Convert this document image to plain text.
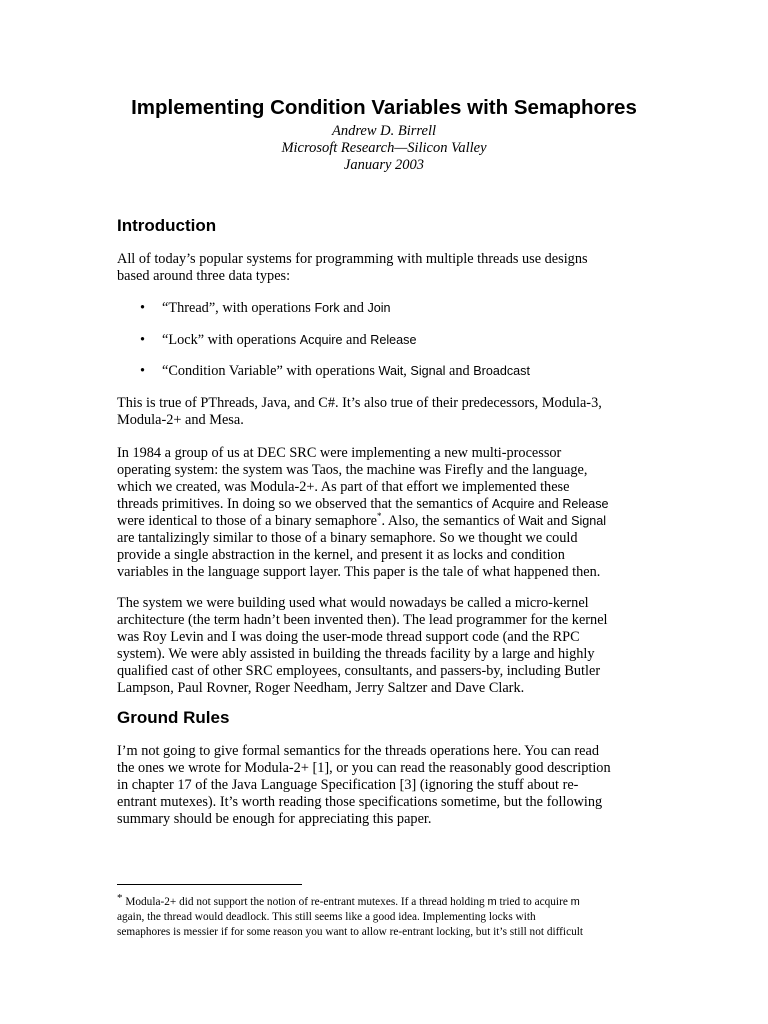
Implementing Condition Variables with Semaphores
Andrew D. Birrell
Microsoft Research—Silicon Valley
January 2003
Introduction

All of today’s popular systems for programming with multiple threads use designs
based around three data types:

• “Thread”, with operations Fork and Join
• “Lock” with operations Acquire and Release
• “Condition Variable” with operations Wait, Signal and Broadcast

This is true of PThreads, Java, and C#. It’s also true of their predecessors, Modula-3,
Modula-2+ and Mesa.

In 1984 a group of us at DEC SRC were implementing a new multi-processor
operating system: the system was Taos, the machine was Firefly and the language,
which we created, was Modula-2+. As part of that effort we implemented these
threads primitives. In doing so we observed that the semantics of Acquire and Release
were identical to those of a binary semaphore*. Also, the semantics of Wait and Signal
are tantalizingly similar to those of a binary semaphore. So we thought we could
provide a single abstraction in the kernel, and present it as locks and condition
variables in the language support layer. This paper is the tale of what happened then.

The system we were building used what would nowadays be called a micro-kernel
architecture (the term hadn’t been invented then). The lead programmer for the kernel
was Roy Levin and I was doing the user-mode thread support code (and the RPC
system). We were ably assisted in building the threads facility by a large and highly
qualified cast of other SRC employees, consultants, and passers-by, including Butler
Lampson, Paul Rovner, Roger Needham, Jerry Saltzer and Dave Clark.

Ground Rules

I’m not going to give formal semantics for the threads operations here. You can read
the ones we wrote for Modula-2+ [1], or you can read the reasonably good description
in chapter 17 of the Java Language Specification [3] (ignoring the stuff about re-
entrant mutexes). It’s worth reading those specifications sometime, but the following
summary should be enough for appreciating this paper.

* Modula-2+ did not support the notion of re-entrant mutexes. If a thread holding m tried to acquire m
again, the thread would deadlock. This still seems like a good idea. Implementing locks with
semaphores is messier if for some reason you want to allow re-entrant locking, but it’s still not difficult
